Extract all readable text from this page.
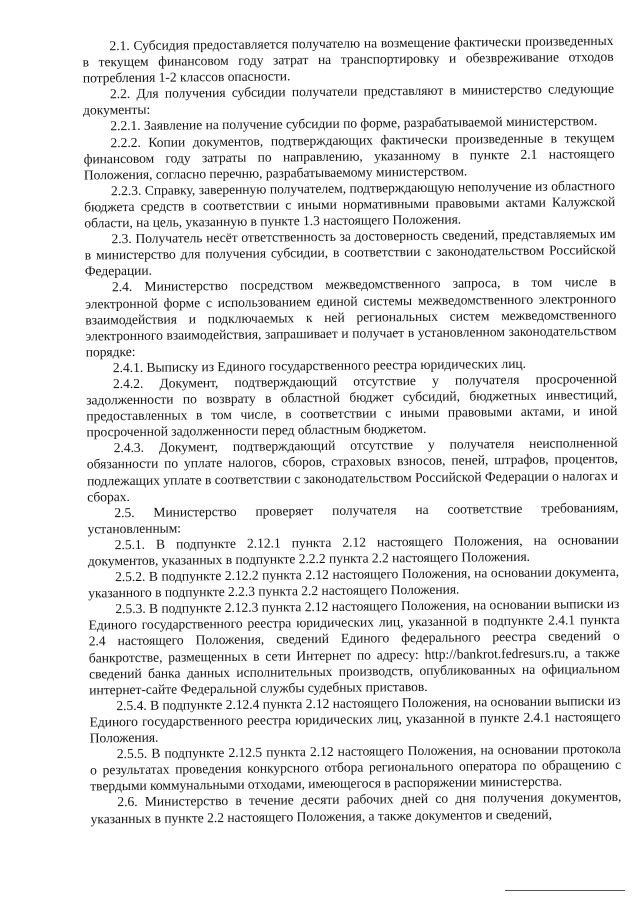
2.1. Субсидия предоставляется получателю на возмещение фактически произведенных в текущем финансовом году затрат на транспортировку и обезвреживание отходов потребления 1-2 классов опасности.

2.2. Для получения субсидии получатели представляют в министерство следующие документы:

2.2.1. Заявление на получение субсидии по форме, разрабатываемой министерством.

2.2.2. Копии документов, подтверждающих фактически произведенные в текущем финансовом году затраты по направлению, указанному в пункте 2.1 настоящего Положения, согласно перечню, разрабатываемому министерством.

2.2.3. Справку, заверенную получателем, подтверждающую неполучение из областного бюджета средств в соответствии с иными нормативными правовыми актами Калужской области, на цель, указанную в пункте 1.3 настоящего Положения.

2.3. Получатель несёт ответственность за достоверность сведений, представляемых им в министерство для получения субсидии, в соответствии с законодательством Российской Федерации.

2.4. Министерство посредством межведомственного запроса, в том числе в электронной форме с использованием единой системы межведомственного электронного взаимодействия и подключаемых к ней региональных систем межведомственного электронного взаимодействия, запрашивает и получает в установленном законодательством порядке:

2.4.1. Выписку из Единого государственного реестра юридических лиц.

2.4.2. Документ, подтверждающий отсутствие у получателя просроченной задолженности по возврату в областной бюджет субсидий, бюджетных инвестиций, предоставленных в том числе, в соответствии с иными правовыми актами, и иной просроченной задолженности перед областным бюджетом.

2.4.3. Документ, подтверждающий отсутствие у получателя неисполненной обязанности по уплате налогов, сборов, страховых взносов, пеней, штрафов, процентов, подлежащих уплате в соответствии с законодательством Российской Федерации о налогах и сборах.

2.5. Министерство проверяет получателя на соответствие требованиям, установленным:

2.5.1. В подпункте 2.12.1 пункта 2.12 настоящего Положения, на основании документов, указанных в подпункте 2.2.2 пункта 2.2 настоящего Положения.

2.5.2. В подпункте 2.12.2 пункта 2.12 настоящего Положения, на основании документа, указанного в подпункте 2.2.3 пункта 2.2 настоящего Положения.

2.5.3. В подпункте 2.12.3 пункта 2.12 настоящего Положения, на основании выписки из Единого государственного реестра юридических лиц, указанной в подпункте 2.4.1 пункта 2.4 настоящего Положения, сведений Единого федерального реестра сведений о банкротстве, размещенных в сети Интернет по адресу: http://bankrot.fedresurs.ru, а также сведений банка данных исполнительных производств, опубликованных на официальном интернет-сайте Федеральной службы судебных приставов.

2.5.4. В подпункте 2.12.4 пункта 2.12 настоящего Положения, на основании выписки из Единого государственного реестра юридических лиц, указанной в пункте 2.4.1 настоящего Положения.

2.5.5. В подпункте 2.12.5 пункта 2.12 настоящего Положения, на основании протокола о результатах проведения конкурсного отбора регионального оператора по обращению с твердыми коммунальными отходами, имеющегося в распоряжении министерства.

2.6. Министерство в течение десяти рабочих дней со дня получения документов, указанных в пункте 2.2 настоящего Положения, а также документов и сведений,
